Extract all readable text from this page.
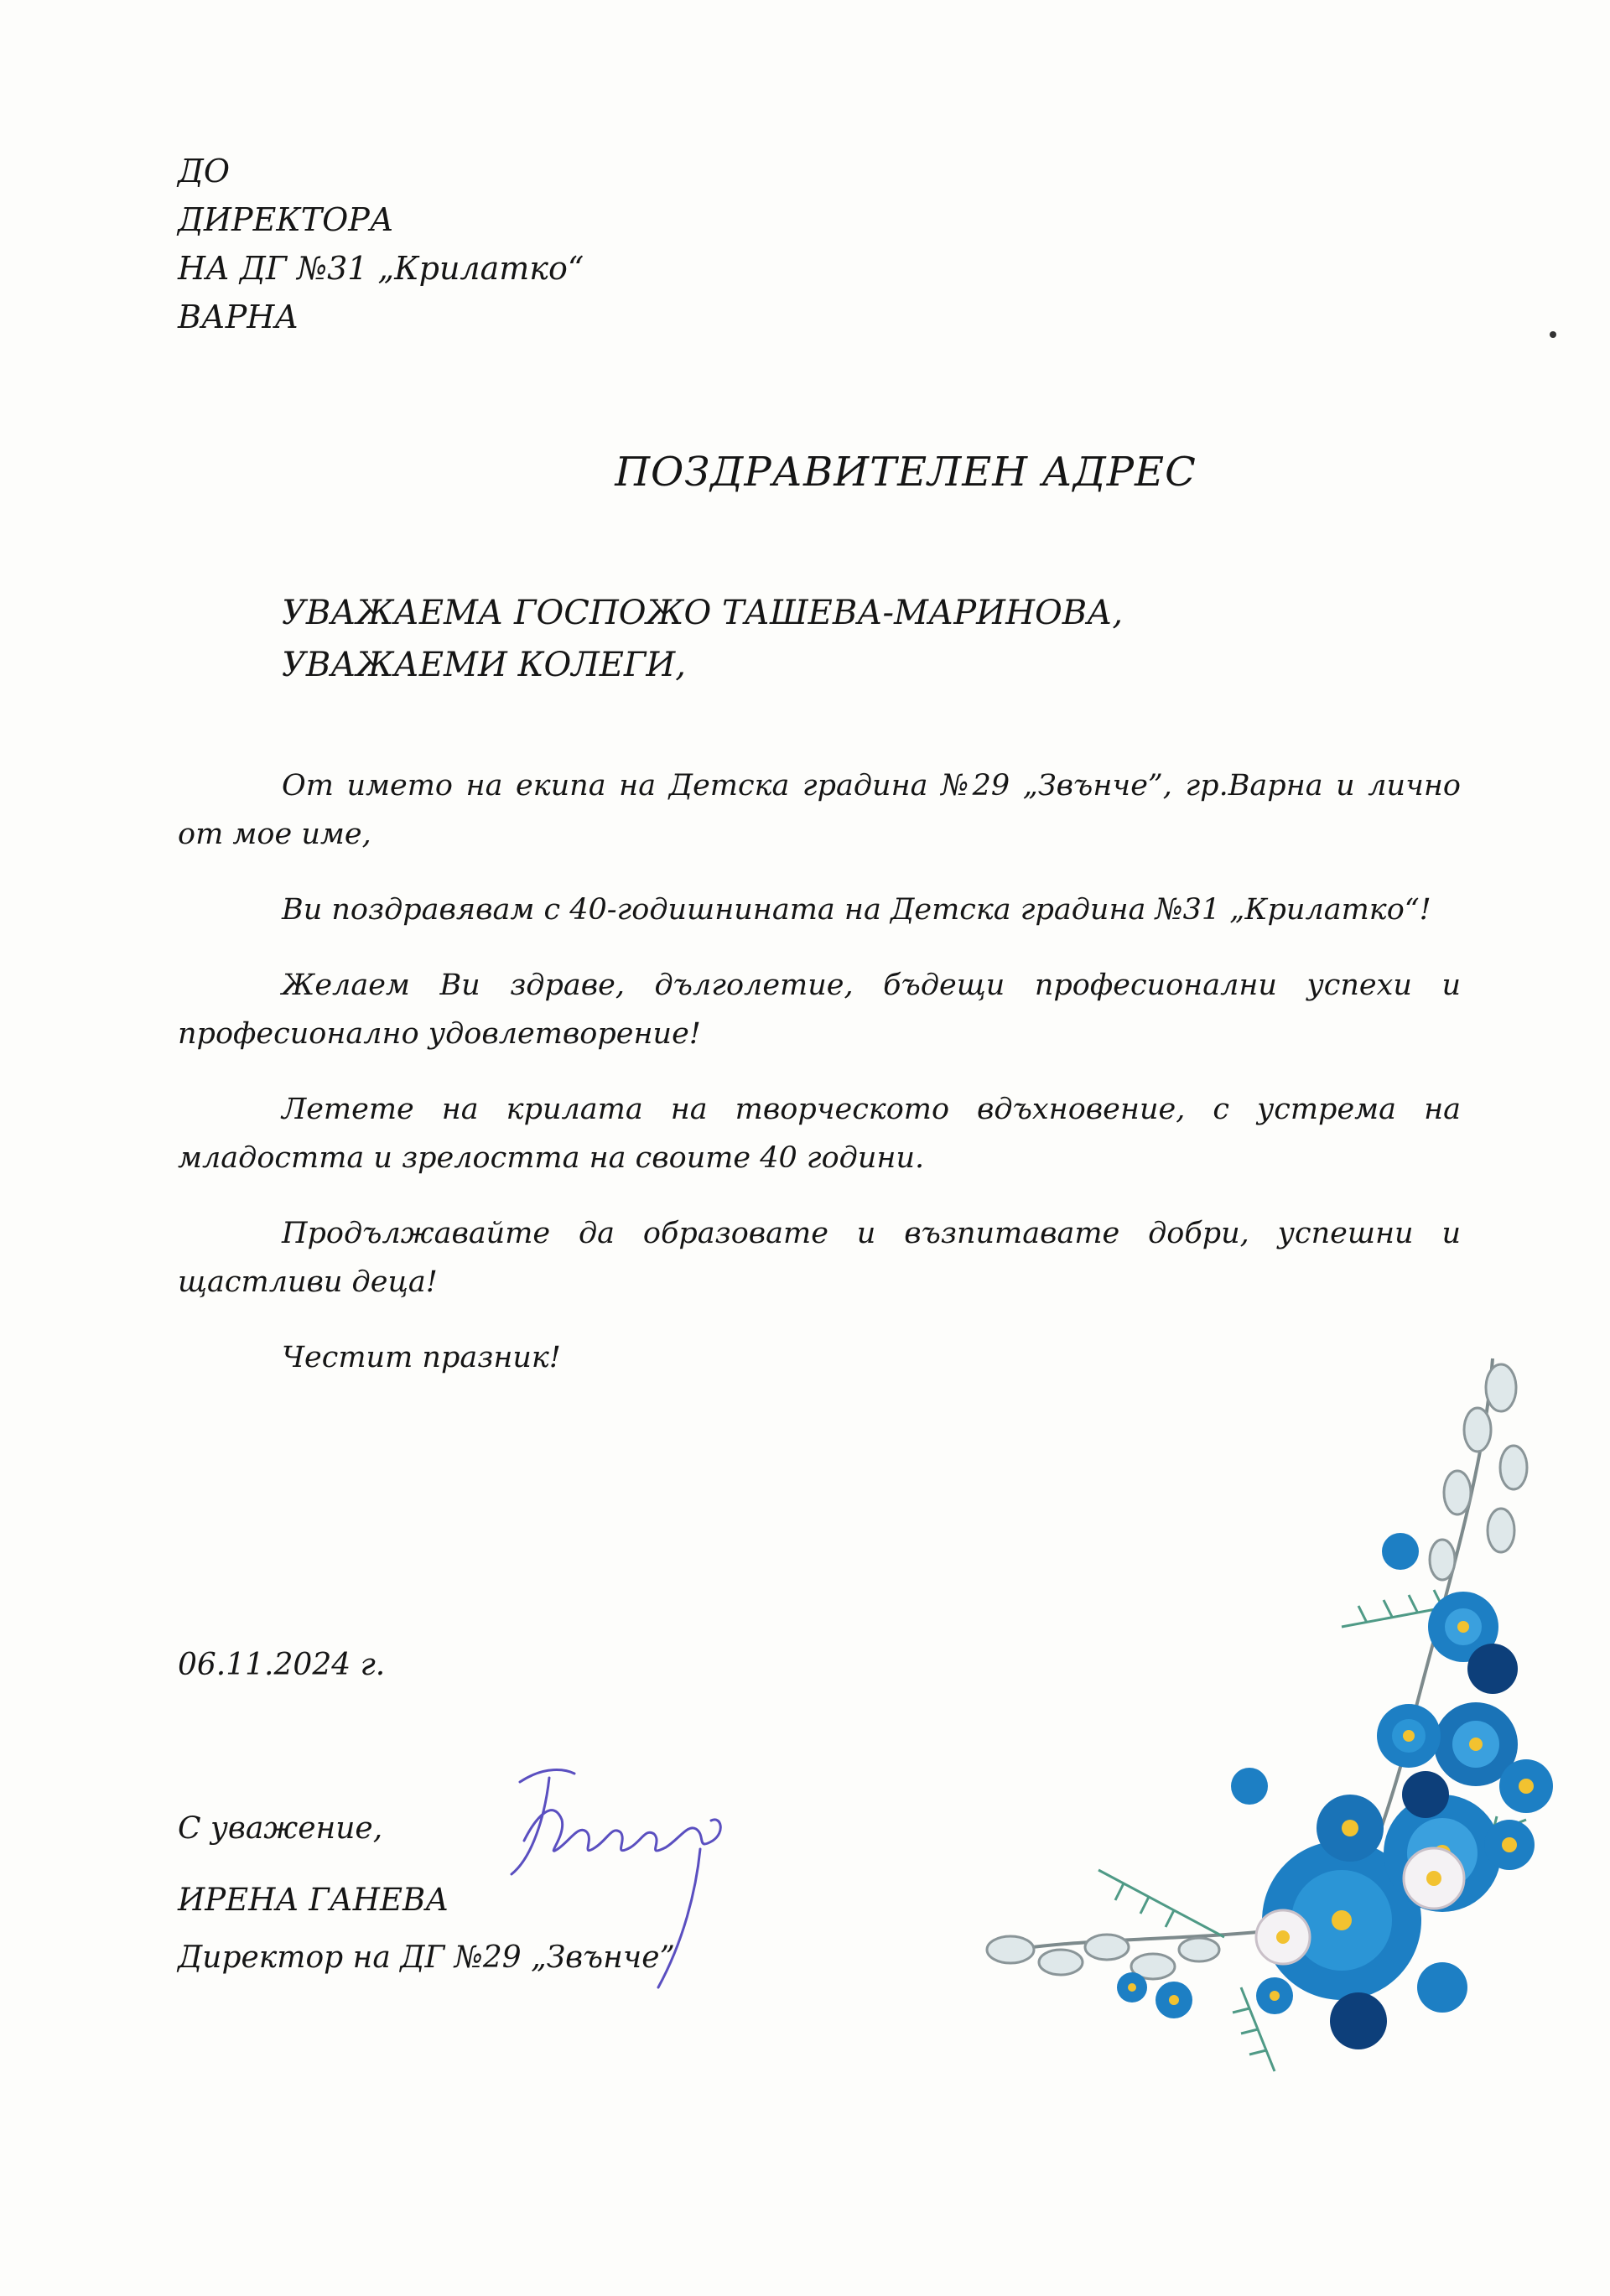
ДО
ДИРЕКТОРА
НА ДГ №31 „Крилатко“
ВАРНА
ПОЗДРАВИТЕЛЕН АДРЕС
УВАЖАЕМА ГОСПОЖО ТАШЕВА-МАРИНОВА,
УВАЖАЕМИ КОЛЕГИ,

От името на екипа на Детска градина №29 „Звънче”, гр.Варна и лично от мое име,

Ви поздравявам с 40-годишнината на Детска градина №31 „Крилатко“!

Желаем Ви здраве, дълголетие, бъдещи професионални успехи и професионално удовлетворение!

Летете на крилата на творческото вдъхновение, с устрема на младостта и зрелостта на своите 40 години.

Продължавайте да образовате и възпитавате добри, успешни и щастливи деца!

Честит празник!

06.11.2024 г.
С уважение,
ИРЕНА ГАНЕВА
Директор на ДГ №29 „Звънче”
